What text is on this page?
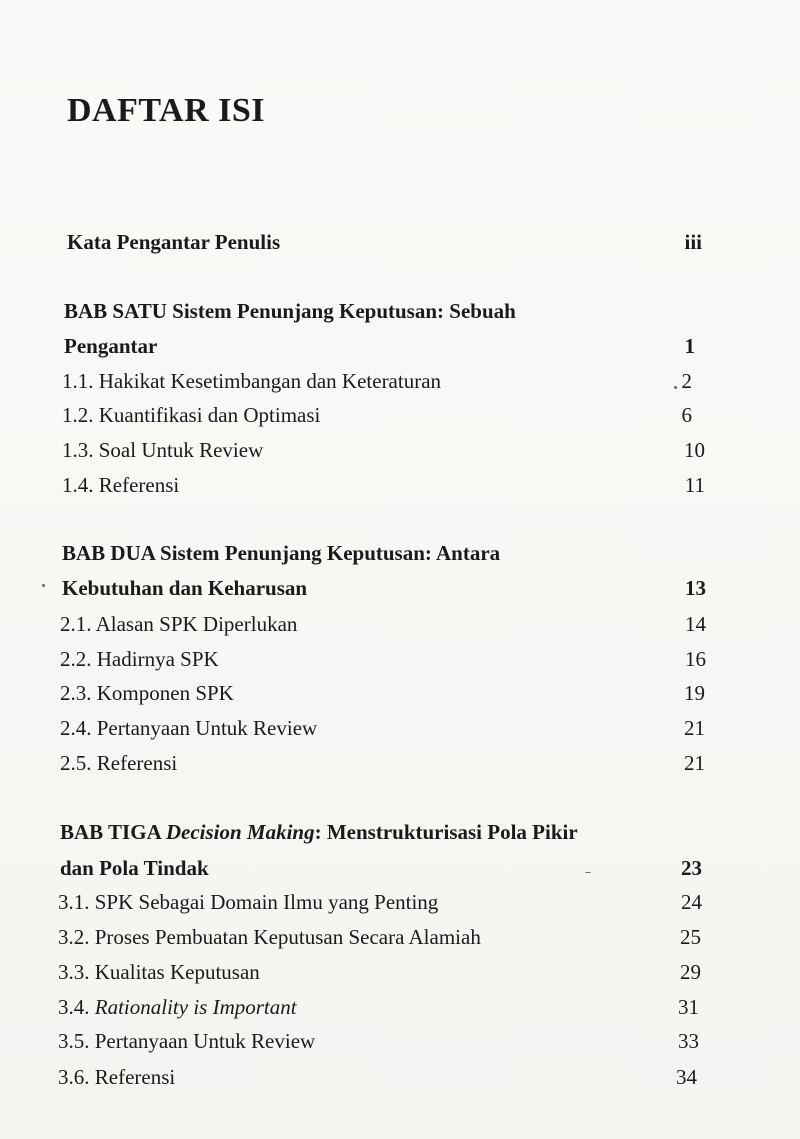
DAFTAR ISI
Kata Pengantar Penulis	iii
BAB SATU Sistem Penunjang Keputusan: Sebuah
Pengantar	1
1.1. Hakikat Kesetimbangan dan Keteraturan	2
1.2. Kuantifikasi dan Optimasi	6
1.3. Soal Untuk Review	10
1.4. Referensi	11
BAB DUA Sistem Penunjang Keputusan: Antara
Kebutuhan dan Keharusan	13
2.1. Alasan SPK Diperlukan	14
2.2. Hadirnya SPK	16
2.3. Komponen SPK	19
2.4. Pertanyaan Untuk Review	21
2.5. Referensi	21
BAB TIGA Decision Making: Menstrukturisasi Pola Pikir
dan Pola Tindak	23
3.1. SPK Sebagai Domain Ilmu yang Penting	24
3.2. Proses Pembuatan Keputusan Secara Alamiah	25
3.3. Kualitas Keputusan	29
3.4. Rationality is Important	31
3.5. Pertanyaan Untuk Review	33
3.6. Referensi	34
